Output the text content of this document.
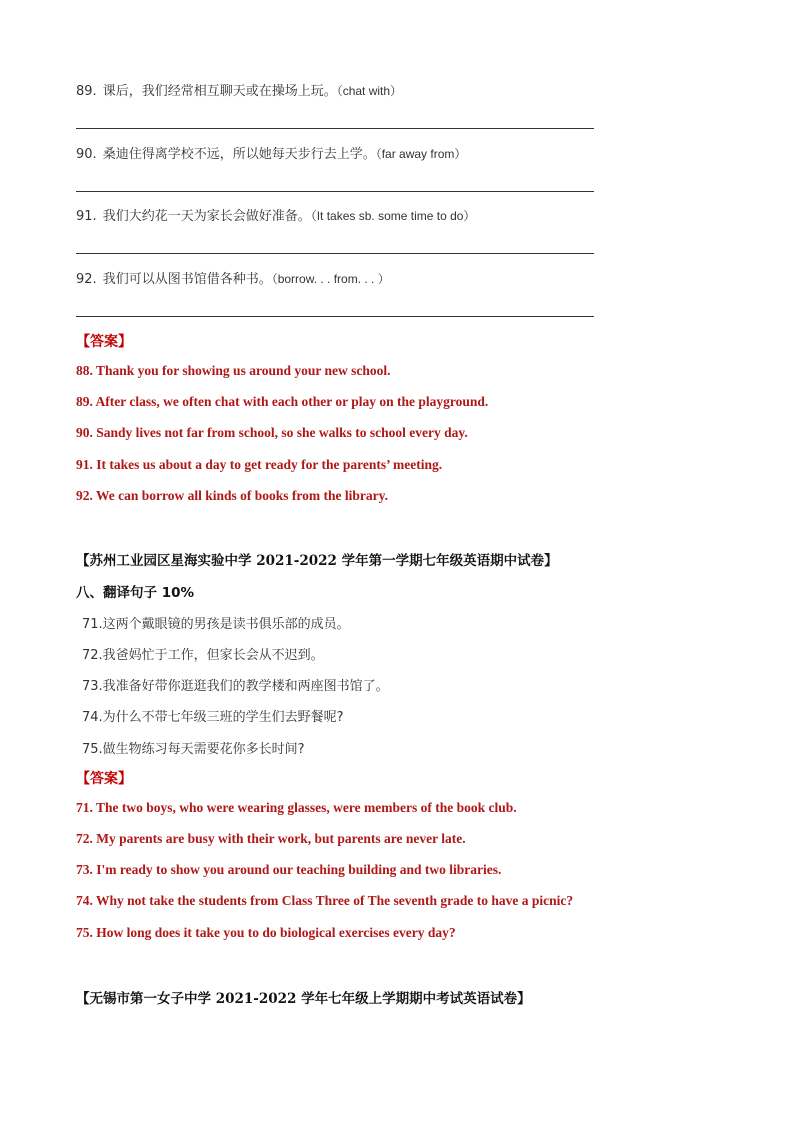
89. 课后，我们经常相互聊天或在操场上玩。（chat with）
90. 桑迪住得离学校不远，所以她每天步行去上学。（far away from）
91. 我们大约花一天为家长会做好准备。（It takes sb. some time to do）
92. 我们可以从图书馆借各种书。（borrow. . . from. . . ）
【答案】
88. Thank you for showing us around your new school.
89. After class, we often chat with each other or play on the playground.
90. Sandy lives not far from school, so she walks to school every day.
91. It takes us about a day to get ready for the parents’ meeting.
92. We can borrow all kinds of books from the library.
【苏州工业园区星海实验中学 2021-2022 学年第一学期七年级英语期中试卷】
八、翻译句子 10%
71.这两个戴眼镜的男孩是读书俱乐部的成员。
72.我爸妈忙于工作，但家长会从不迟到。
73.我准备好带你逛逛我们的教学楼和两座图书馆了。
74.为什么不带七年级三班的学生们去野餐呢?
75.做生物练习每天需要花你多长时间?
【答案】
71. The two boys, who were wearing glasses, were members of the book club.
72. My parents are busy with their work, but parents are never late.
73. I'm ready to show you around our teaching building and two libraries.
74. Why not take the students from Class Three of The seventh grade to have a picnic?
75. How long does it take you to do biological exercises every day?
【无锡市第一女子中学 2021-2022 学年七年级上学期期中考试英语试卷】
